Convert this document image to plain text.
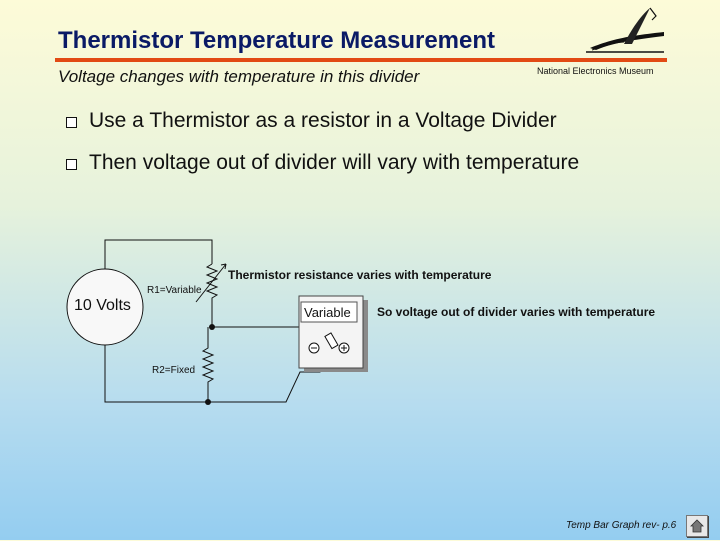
Thermistor Temperature Measurement
Voltage changes with temperature in this divider	National Electronics Museum
Use a Thermistor as a resistor in a Voltage Divider
Then voltage out of divider will vary with temperature
10 Volts
R1=Variable
R2=Fixed
Variable
Thermistor resistance varies with temperature
So voltage out of divider varies with temperature
Temp Bar Graph rev- p.6
